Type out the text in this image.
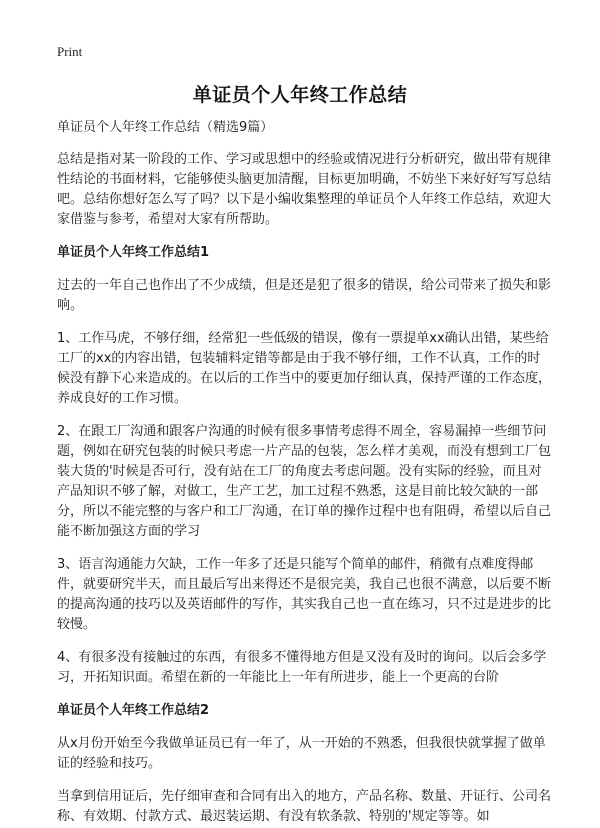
Print
单证员个人年终工作总结

单证员个人年终工作总结（精选9篇）

总结是指对某一阶段的工作、学习或思想中的经验或情况进行分析研究，做出带有规律性结论的书面材料，它能够使头脑更加清醒，目标更加明确，不妨坐下来好好写写总结吧。总结你想好怎么写了吗？以下是小编收集整理的单证员个人年终工作总结，欢迎大家借鉴与参考，希望对大家有所帮助。

单证员个人年终工作总结1

过去的一年自己也作出了不少成绩，但是还是犯了很多的错误，给公司带来了损失和影响。

1、工作马虎，不够仔细，经常犯一些低级的错误，像有一票提单xx确认出错，某些给工厂的xx的内容出错，包装辅料定错等都是由于我不够仔细，工作不认真，工作的时候没有静下心来造成的。在以后的工作当中的要更加仔细认真，保持严谨的工作态度，养成良好的工作习惯。

2、在跟工厂沟通和跟客户沟通的时候有很多事情考虑得不周全，容易漏掉一些细节问题，例如在研究包装的时候只考虑一片产品的包装，怎么样才美观，而没有想到工厂包装大货的'时候是否可行，没有站在工厂的角度去考虑问题。没有实际的经验，而且对产品知识不够了解，对做工，生产工艺，加工过程不熟悉，这是目前比较欠缺的一部分，所以不能完整的与客户和工厂沟通，在订单的操作过程中也有阻碍，希望以后自己能不断加强这方面的学习

3、语言沟通能力欠缺，工作一年多了还是只能写个简单的邮件，稍微有点难度得邮件，就要研究半天，而且最后写出来得还不是很完美，我自己也很不满意，以后要不断的提高沟通的技巧以及英语邮件的写作，其实我自己也一直在练习，只不过是进步的比较慢。

4、有很多没有接触过的东西，有很多不懂得地方但是又没有及时的询问。以后会多学习，开拓知识面。希望在新的一年能比上一年有所进步，能上一个更高的台阶

单证员个人年终工作总结2

从x月份开始至今我做单证员已有一年了，从一开始的不熟悉，但我很快就掌握了做单证的经验和技巧。

当拿到信用证后，先仔细审查和合同有出入的地方，产品名称、数量、开证行、公司名称、有效期、付款方式、最迟装运期、有没有软条款、特别的'规定等等。如
